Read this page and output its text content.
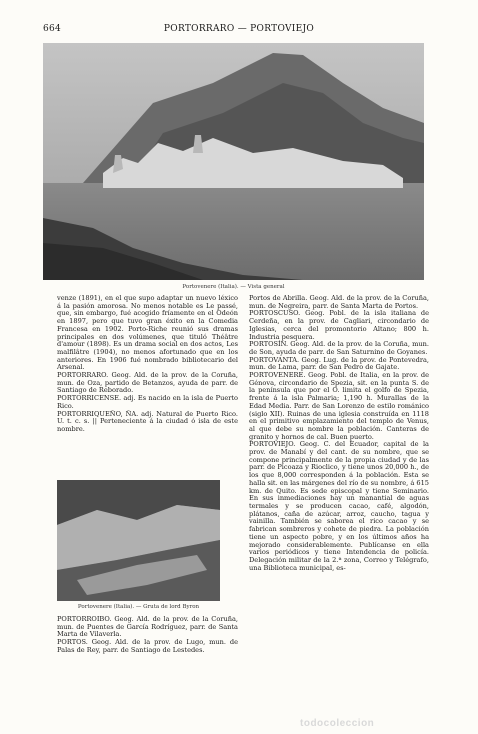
664	PORTORRARO — PORTOVIEJO
Portovenere (Italia). — Vista general

venze (1891), en el que supo adaptar un nuevo léxico á la pasión amorosa. No menos notable es Le passé, que, sin embargo, fué acogido fríamente en el Odeón en 1897, pero que tuvo gran éxito en la Comedia Francesa en 1902. Porto-Riche reunió sus dramas principales en dos volúmenes, que tituló Théâtre d'amour (1898). Es un drama social en dos actos, Les malfilâtre (1904), no menos afortunado que en los anteriores. En 1906 fué nombrado bibliotecario del Arsenal.

PORTORRARO. Geog. Ald. de la prov. de la Coruña, mun. de Oza, partido de Betanzos, ayuda de parr. de Santiago de Reborado.

PORTORRICENSE. adj. Es nacido en la isla de Puerto Rico.

PORTORRIQUEÑO, ÑA. adj. Natural de Puerto Rico. U. t. c. s. || Perteneciente á la ciudad ó isla de este nombre.

Portovenere (Italia). — Gruta de lord Byron

PORTORROIBO. Geog. Ald. de la prov. de la Coruña, mun. de Puentes de García Rodríguez, parr. de Santa Marta de Vilaverla.

PORTOS. Geog. Ald. de la prov. de Lugo, mun. de Palas de Rey, parr. de Santiago de Lestedes.

Portos de Abrilla. Geog. Ald. de la prov. de la Coruña, mun. de Negreira, parr. de Santa Marta de Portos.

PORTOSCUSO. Geog. Pobl. de la isla italiana de Cerdeña, en la prov. de Cagliari, circondario de Iglesias, cerca del promontorio Altano; 800 h. Industria pesquera.

PORTOSÍN. Geog. Ald. de la prov. de la Coruña, mun. de Son, ayuda de parr. de San Saturnino de Goyanes.

PORTOVANTA. Geog. Lug. de la prov. de Pontevedra, mun. de Lama, parr. de San Pedro de Gajate.

PORTOVENERE. Geog. Pobl. de Italia, en la prov. de Génova, circondario de Spezia, sit. en la punta S. de la península que por el O. limita el golfo de Spezia, frente á la isla Palmaria; 1,190 h. Murallas de la Edad Media. Parr. de San Lorenzo de estilo románico (siglo XII). Ruinas de una iglesia construída en 1118 en el primitivo emplazamiento del templo de Venus, al que debe su nombre la población. Canteras de granito y hornos de cal. Buen puerto.

PORTOVIEJO. Geog. C. del Ecuador, capital de la prov. de Manabí y del cant. de su nombre, que se compone principalmente de la propia ciudad y de las parr. de Picoaza y Rioclico, y tiene unos 20,000 h., de los que 8,000 corresponden á la población. Esta se halla sit. en las márgenes del río de su nombre, á 615 km. de Quito. Es sede episcopal y tiene Seminario. En sus inmediaciones hay un manantial de aguas termales y se producen cacao, café, algodón, plátanos, caña de azúcar, arroz, caucho, tagua y vainilla. También se saborea el rico cacao y se fabrican sombreros y cohete de piedra. La población tiene un aspecto pobre, y en los últimos años ha mejorado considerablemente. Publícanse en ella varios periódicos y tiene Intendencia de policía. Delegación militar de la 2.ª zona, Correo y Telégrafo, una Biblioteca municipal, es-

todocoleccion
